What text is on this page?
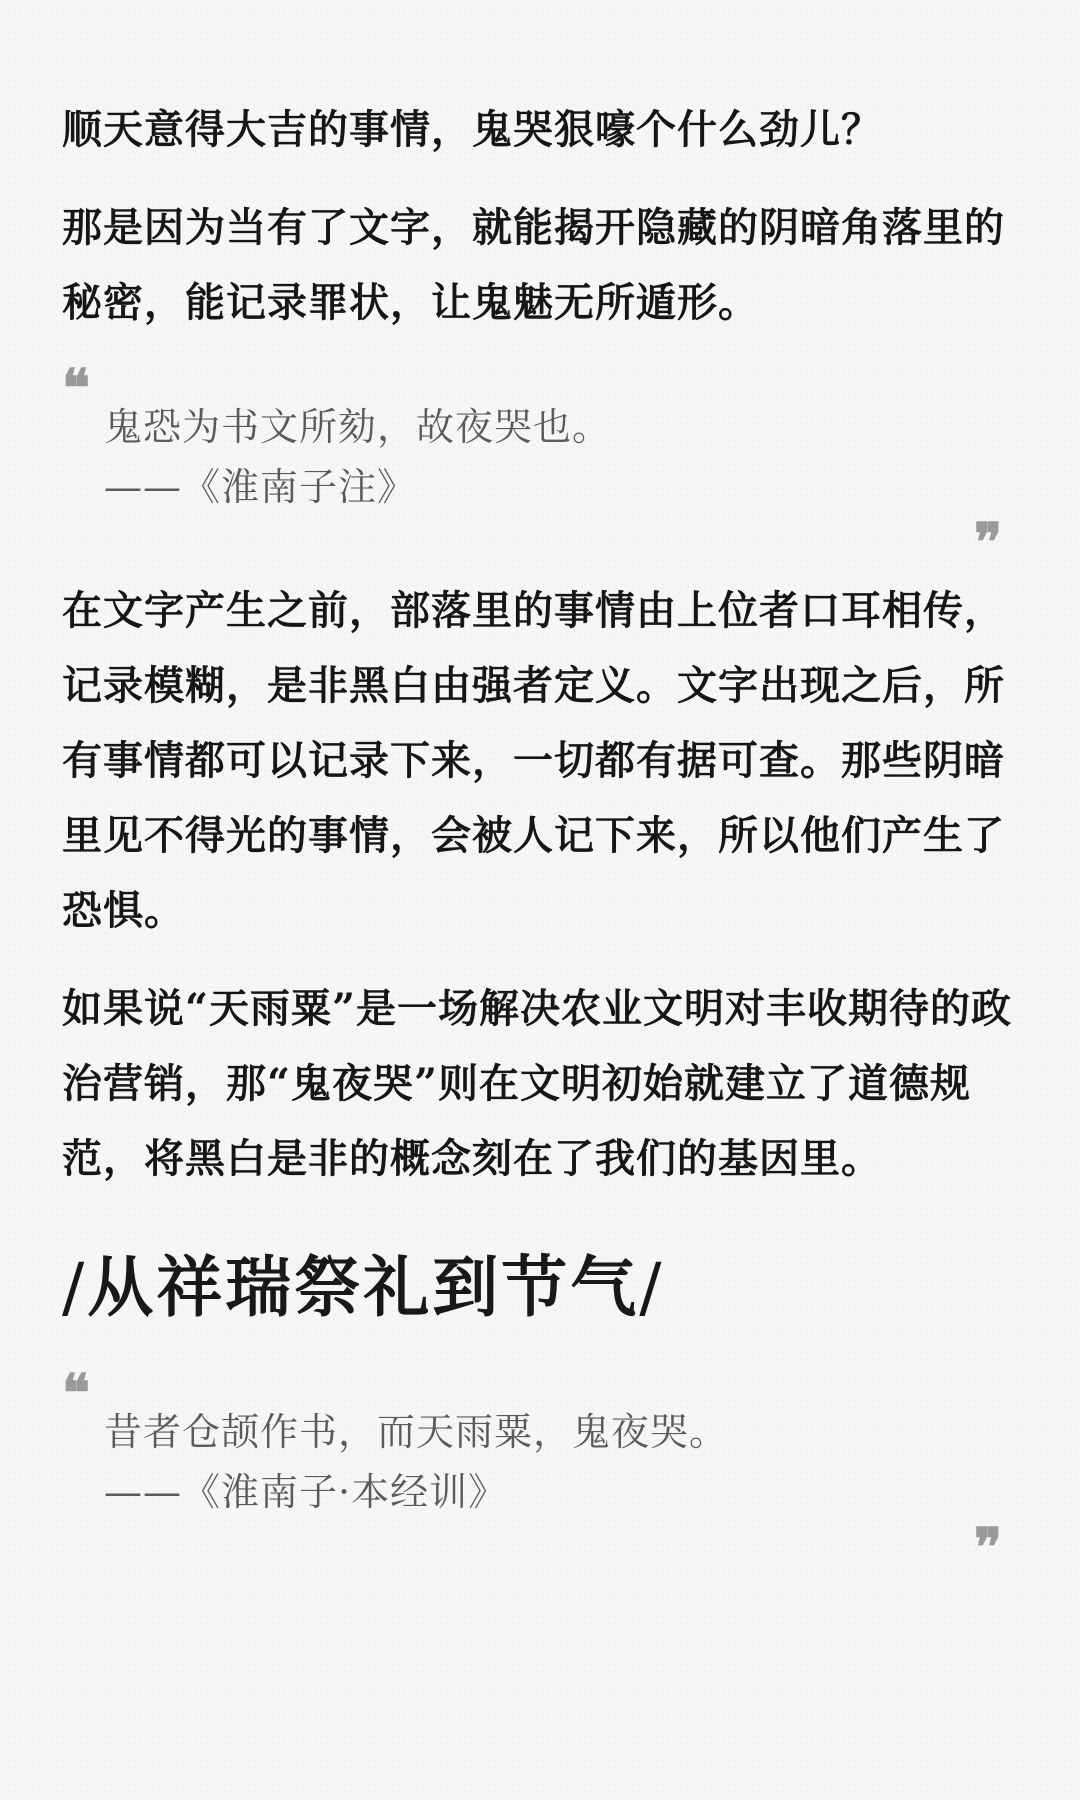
顺天意得大吉的事情，鬼哭狠嚎个什么劲儿？

那是因为当有了文字，就能揭开隐藏的阴暗角落里的秘密，能记录罪状，让鬼魅无所遁形。

❝

鬼恐为书文所劾，故夜哭也。

——《淮南子注》

❞

在文字产生之前，部落里的事情由上位者口耳相传，记录模糊，是非黑白由强者定义。文字出现之后，所有事情都可以记录下来，一切都有据可查。那些阴暗里见不得光的事情，会被人记下来，所以他们产生了恐惧。

如果说“天雨粟”是一场解决农业文明对丰收期待的政治营销，那“鬼夜哭”则在文明初始就建立了道德规范，将黑白是非的概念刻在了我们的基因里。

/从祥瑞祭礼到节气/
❝

昔者仓颉作书，而天雨粟，鬼夜哭。

——《淮南子·本经训》

❞
